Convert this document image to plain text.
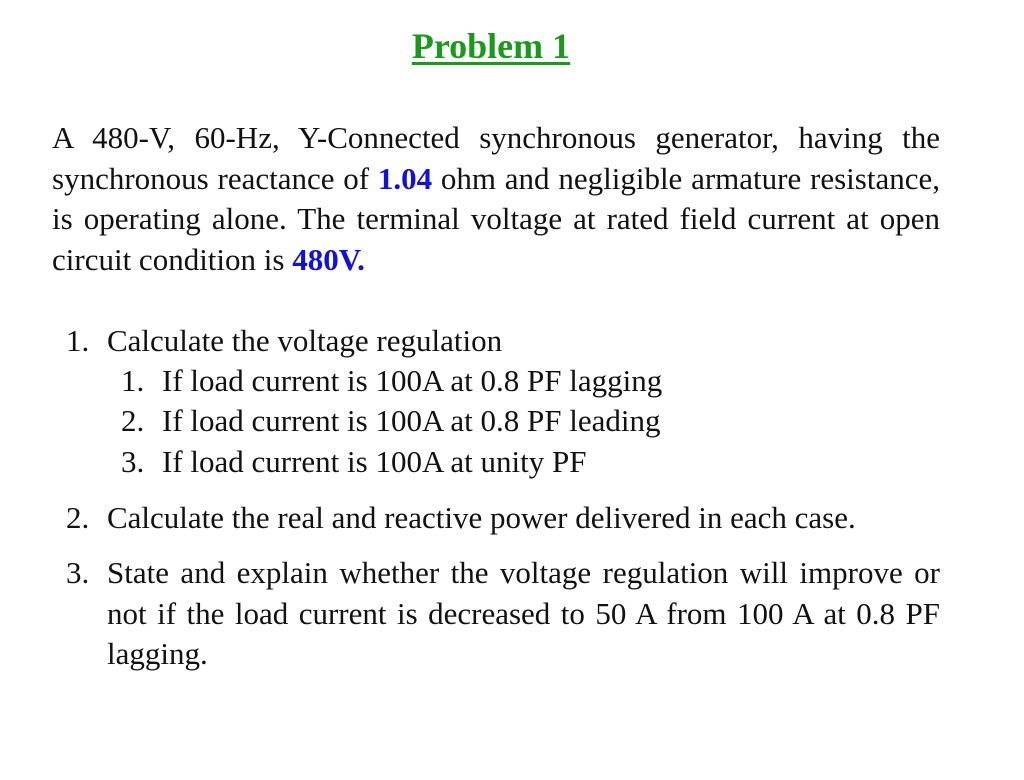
Problem 1

A 480-V, 60-Hz, Y-Connected synchronous generator, having the synchronous reactance of 1.04 ohm and negligible armature resistance, is operating alone. The terminal voltage at rated field current at open circuit condition is 480V.

1. Calculate the voltage regulation
1. If load current is 100A at 0.8 PF lagging
2. If load current is 100A at 0.8 PF leading
3. If load current is 100A at unity PF
2. Calculate the real and reactive power delivered in each case.
3. State and explain whether the voltage regulation will improve or not if the load current is decreased to 50 A from 100 A at 0.8 PF lagging.
